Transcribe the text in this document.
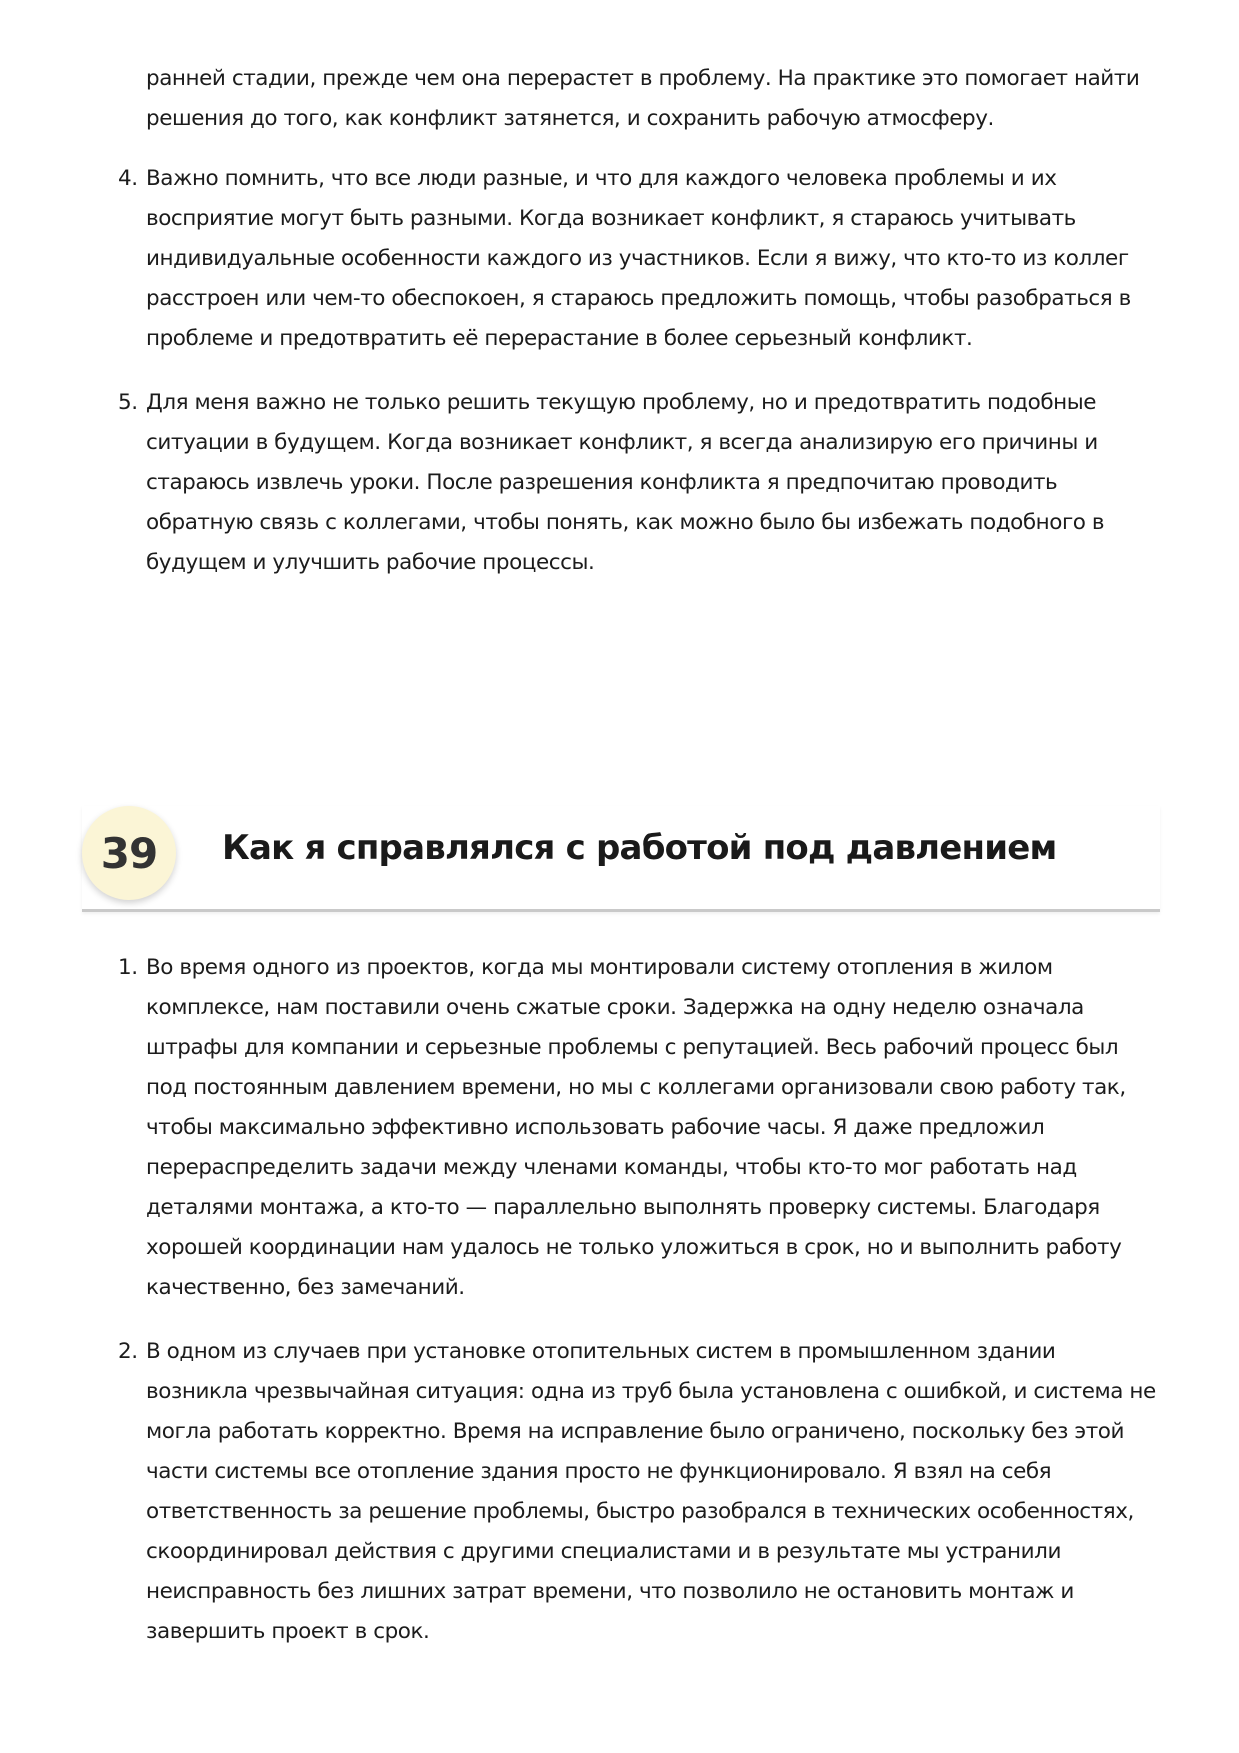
ранней стадии, прежде чем она перерастет в проблему. На практике это помогает найти решения до того, как конфликт затянется, и сохранить рабочую атмосферу.

4. Важно помнить, что все люди разные, и что для каждого человека проблемы и их восприятие могут быть разными. Когда возникает конфликт, я стараюсь учитывать индивидуальные особенности каждого из участников. Если я вижу, что кто-то из коллег расстроен или чем-то обеспокоен, я стараюсь предложить помощь, чтобы разобраться в проблеме и предотвратить её перерастание в более серьезный конфликт.
5. Для меня важно не только решить текущую проблему, но и предотвратить подобные ситуации в будущем. Когда возникает конфликт, я всегда анализирую его причины и стараюсь извлечь уроки. После разрешения конфликта я предпочитаю проводить обратную связь с коллегами, чтобы понять, как можно было бы избежать подобного в будущем и улучшить рабочие процессы.
39	Как я справлялся с работой под давлением
1. Во время одного из проектов, когда мы монтировали систему отопления в жилом комплексе, нам поставили очень сжатые сроки. Задержка на одну неделю означала штрафы для компании и серьезные проблемы с репутацией. Весь рабочий процесс был под постоянным давлением времени, но мы с коллегами организовали свою работу так, чтобы максимально эффективно использовать рабочие часы. Я даже предложил перераспределить задачи между членами команды, чтобы кто-то мог работать над деталями монтажа, а кто-то — параллельно выполнять проверку системы. Благодаря хорошей координации нам удалось не только уложиться в срок, но и выполнить работу качественно, без замечаний.
2. В одном из случаев при установке отопительных систем в промышленном здании возникла чрезвычайная ситуация: одна из труб была установлена с ошибкой, и система не могла работать корректно. Время на исправление было ограничено, поскольку без этой части системы все отопление здания просто не функционировало. Я взял на себя ответственность за решение проблемы, быстро разобрался в технических особенностях, скоординировал действия с другими специалистами и в результате мы устранили неисправность без лишних затрат времени, что позволило не остановить монтаж и завершить проект в срок.
